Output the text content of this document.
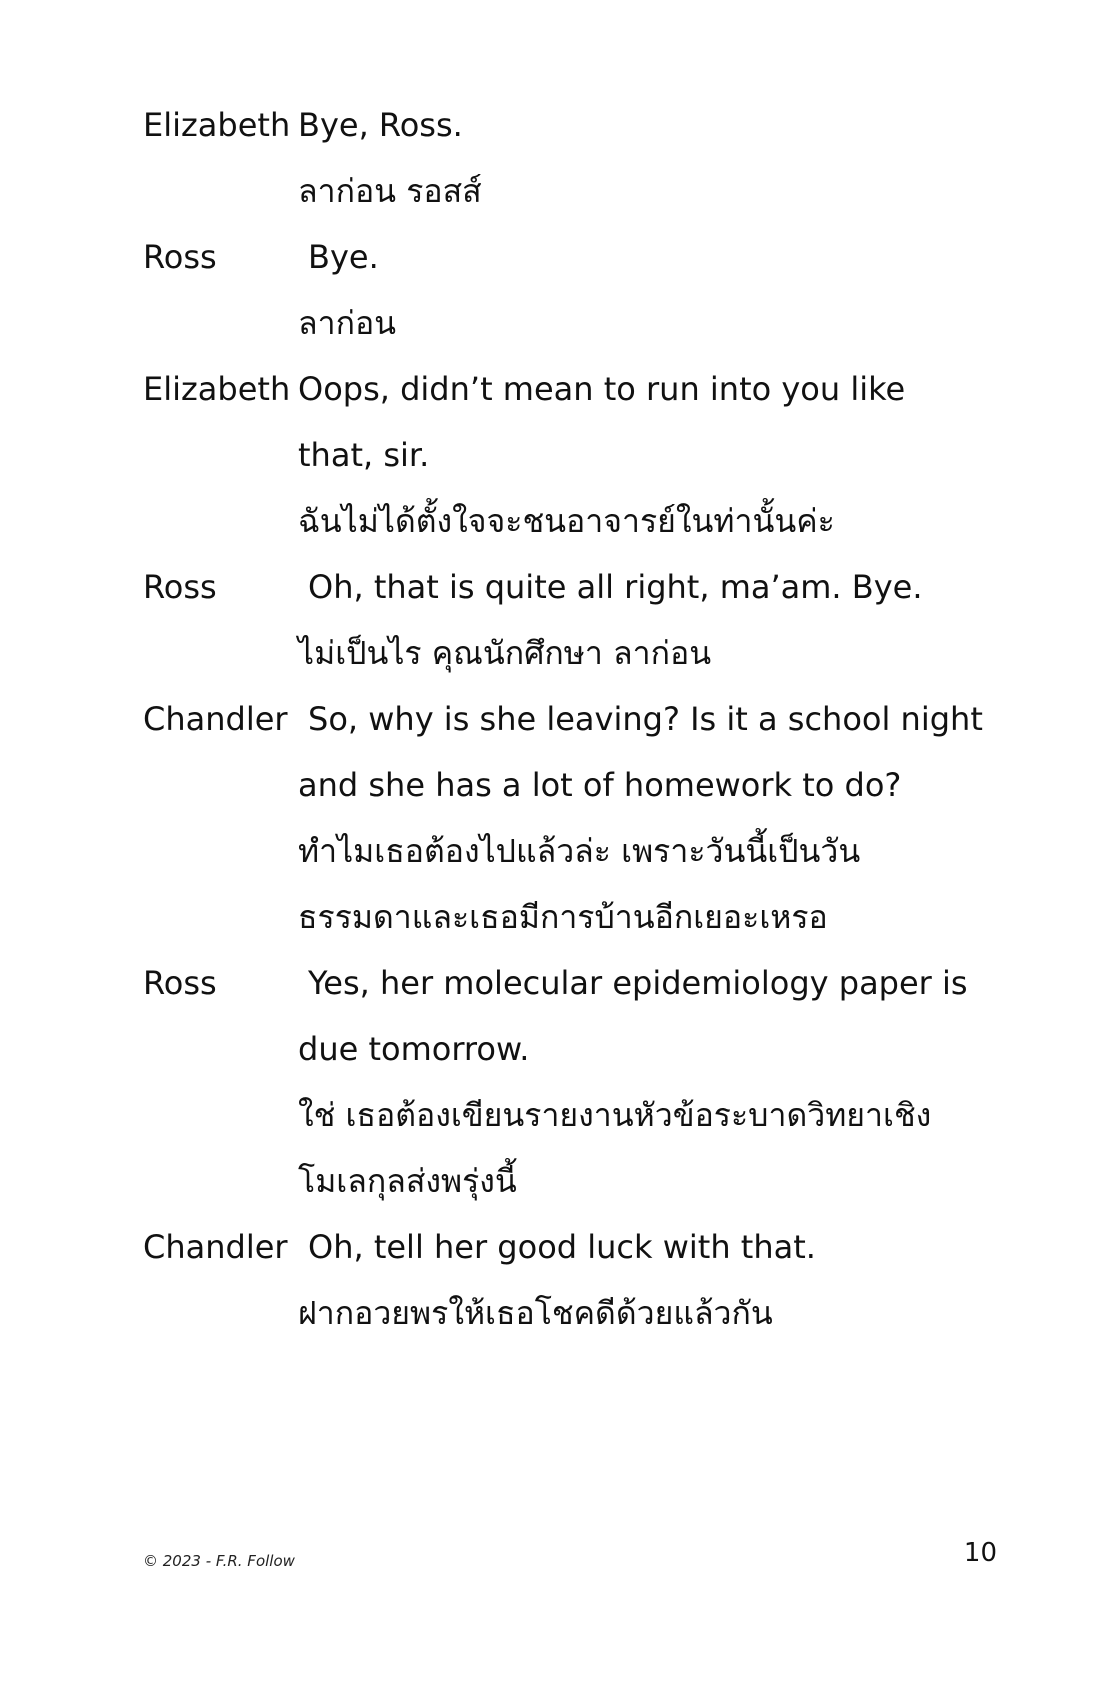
Elizabeth Bye, Ross.
ลาก่อน รอสส์
Ross	Bye.
ลาก่อน
Elizabeth Oops, didn’t mean to run into you like
that, sir.
ฉันไม่ได้ตั้งใจจะชนอาจารย์ในท่านั้นค่ะ
Ross	Oh, that is quite all right, ma’am. Bye.
ไม่เป็นไร คุณนักศึกษา ลาก่อน
Chandler So, why is she leaving? Is it a school night
and she has a lot of homework to do?
ทำไมเธอต้องไปแล้วล่ะ เพราะวันนี้เป็นวัน
ธรรมดาและเธอมีการบ้านอีกเยอะเหรอ
Ross	Yes, her molecular epidemiology paper is
due tomorrow.
ใช่ เธอต้องเขียนรายงานหัวข้อระบาดวิทยาเชิง
โมเลกุลส่งพรุ่งนี้
Chandler Oh, tell her good luck with that.
ฝากอวยพรให้เธอโชคดีด้วยแล้วกัน
© 2023 - F.R. Follow	10
